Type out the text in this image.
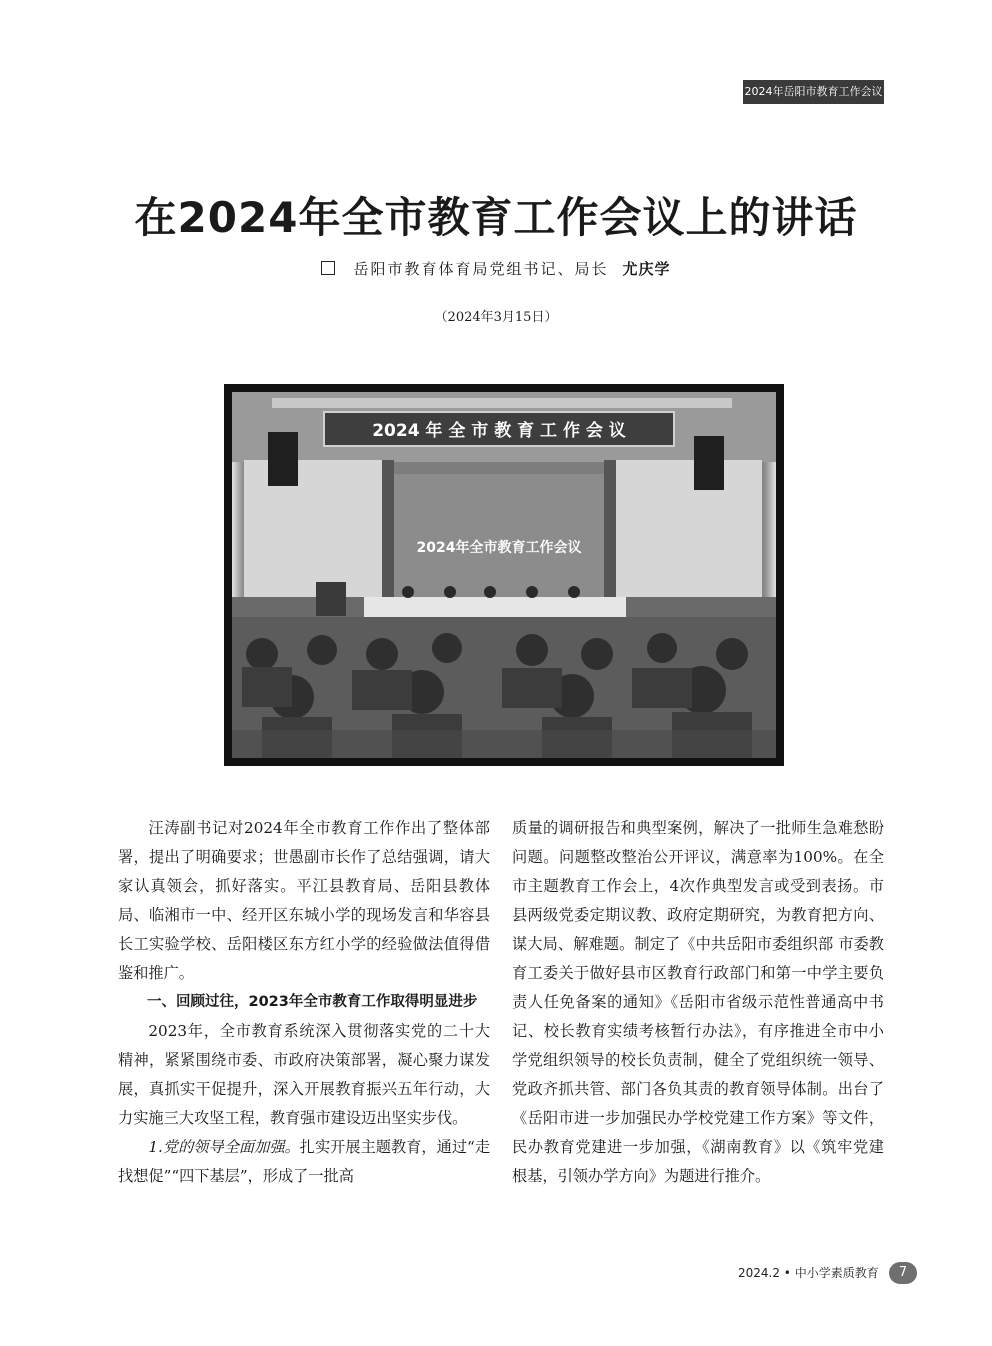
2024年岳阳市教育工作会议
在2024年全市教育工作会议上的讲话
岳阳市教育体育局党组书记、局长 尤庆学
（2024年3月15日）
2024 年 全 市 教 育 工 作 会 议
2024年全市教育工作会议

汪涛副书记对2024年全市教育工作作出了整体部署，提出了明确要求；世愚副市长作了总结强调，请大家认真领会，抓好落实。平江县教育局、岳阳县教体局、临湘市一中、经开区东城小学的现场发言和华容县长工实验学校、岳阳楼区东方红小学的经验做法值得借鉴和推广。

一、回顾过往，2023年全市教育工作取得明显进步

2023年，全市教育系统深入贯彻落实党的二十大精神，紧紧围绕市委、市政府决策部署，凝心聚力谋发展，真抓实干促提升，深入开展教育振兴五年行动，大力实施三大攻坚工程，教育强市建设迈出坚实步伐。

1.党的领导全面加强。扎实开展主题教育，通过“走找想促”“四下基层”，形成了一批高

质量的调研报告和典型案例，解决了一批师生急难愁盼问题。问题整改整治公开评议，满意率为100%。在全市主题教育工作会上，4次作典型发言或受到表扬。市县两级党委定期议教、政府定期研究，为教育把方向、谋大局、解难题。制定了《中共岳阳市委组织部 市委教育工委关于做好县市区教育行政部门和第一中学主要负责人任免备案的通知》《岳阳市省级示范性普通高中书记、校长教育实绩考核暂行办法》，有序推进全市中小学党组织领导的校长负责制，健全了党组织统一领导、党政齐抓共管、部门各负其责的教育领导体制。出台了《岳阳市进一步加强民办学校党建工作方案》等文件，民办教育党建进一步加强，《湖南教育》以《筑牢党建根基，引领办学方向》为题进行推介。

2024.2 • 中小学素质教育	7
